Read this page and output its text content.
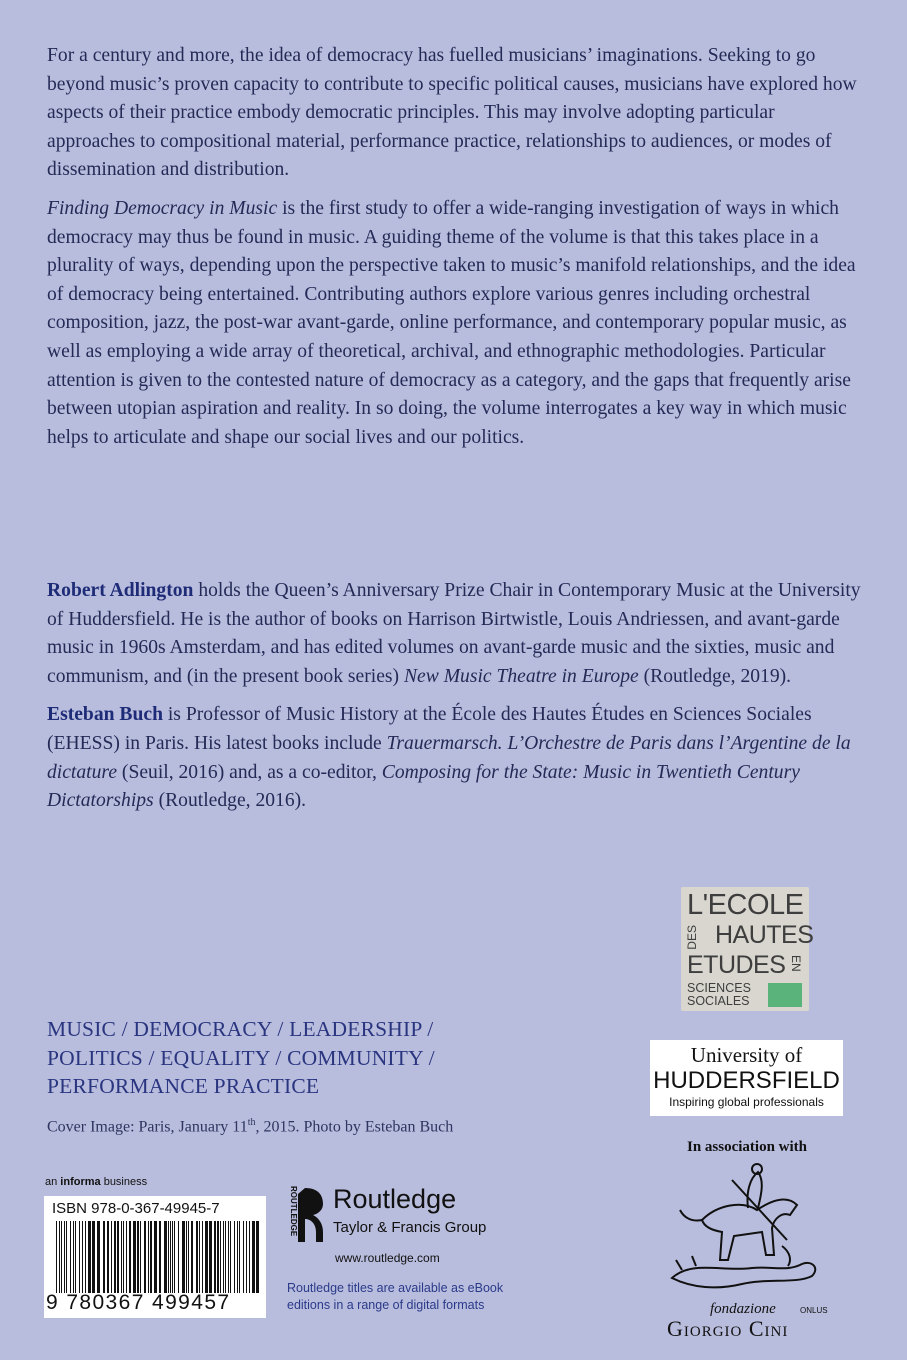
For a century and more, the idea of democracy has fuelled musicians’ imaginations. Seeking to go beyond music’s proven capacity to contribute to specific political causes, musicians have explored how aspects of their practice embody democratic principles. This may involve adopting particular approaches to compositional material, performance practice, relationships to audiences, or modes of dissemination and distribution.

Finding Democracy in Music is the first study to offer a wide-ranging investigation of ways in which democracy may thus be found in music. A guiding theme of the volume is that this takes place in a plurality of ways, depending upon the perspective taken to music’s manifold relationships, and the idea of democracy being entertained. Contributing authors explore various genres including orchestral composition, jazz, the post-war avant-garde, online performance, and contemporary popular music, as well as employing a wide array of theoretical, archival, and ethnographic methodologies. Particular attention is given to the contested nature of democracy as a category, and the gaps that frequently arise between utopian aspiration and reality. In so doing, the volume interrogates a key way in which music helps to articulate and shape our social lives and our politics.

Robert Adlington holds the Queen’s Anniversary Prize Chair in Contemporary Music at the University of Huddersfield. He is the author of books on Harrison Birtwistle, Louis Andriessen, and avant-garde music in 1960s Amsterdam, and has edited volumes on avant-garde music and the sixties, music and communism, and (in the present book series) New Music Theatre in Europe (Routledge, 2019).

Esteban Buch is Professor of Music History at the École des Hautes Études en Sciences Sociales (EHESS) in Paris. His latest books include Trauermarsch. L’Orchestre de Paris dans l’Argentine de la dictature (Seuil, 2016) and, as a co-editor, Composing for the State: Music in Twentieth Century Dictatorships (Routledge, 2016).

MUSIC / DEMOCRACY / LEADERSHIP /
POLITICS / EQUALITY / COMMUNITY /
PERFORMANCE PRACTICE
Cover Image: Paris, January 11th, 2015. Photo by Esteban Buch
an informa business
ISBN 978-0-367-49945-7
9 780367 499457
ROUTLEDGE Routledge
Taylor & Francis Group
www.routledge.com
Routledge titles are available as eBook editions in a range of digital formats
L'ECOLE
DES HAUTES
ETUDES EN
SCIENCES
SOCIALES
University of
HUDDERSFIELD
Inspiring global professionals
In association with
fondazione	ONLUS
Giorgio Cini
